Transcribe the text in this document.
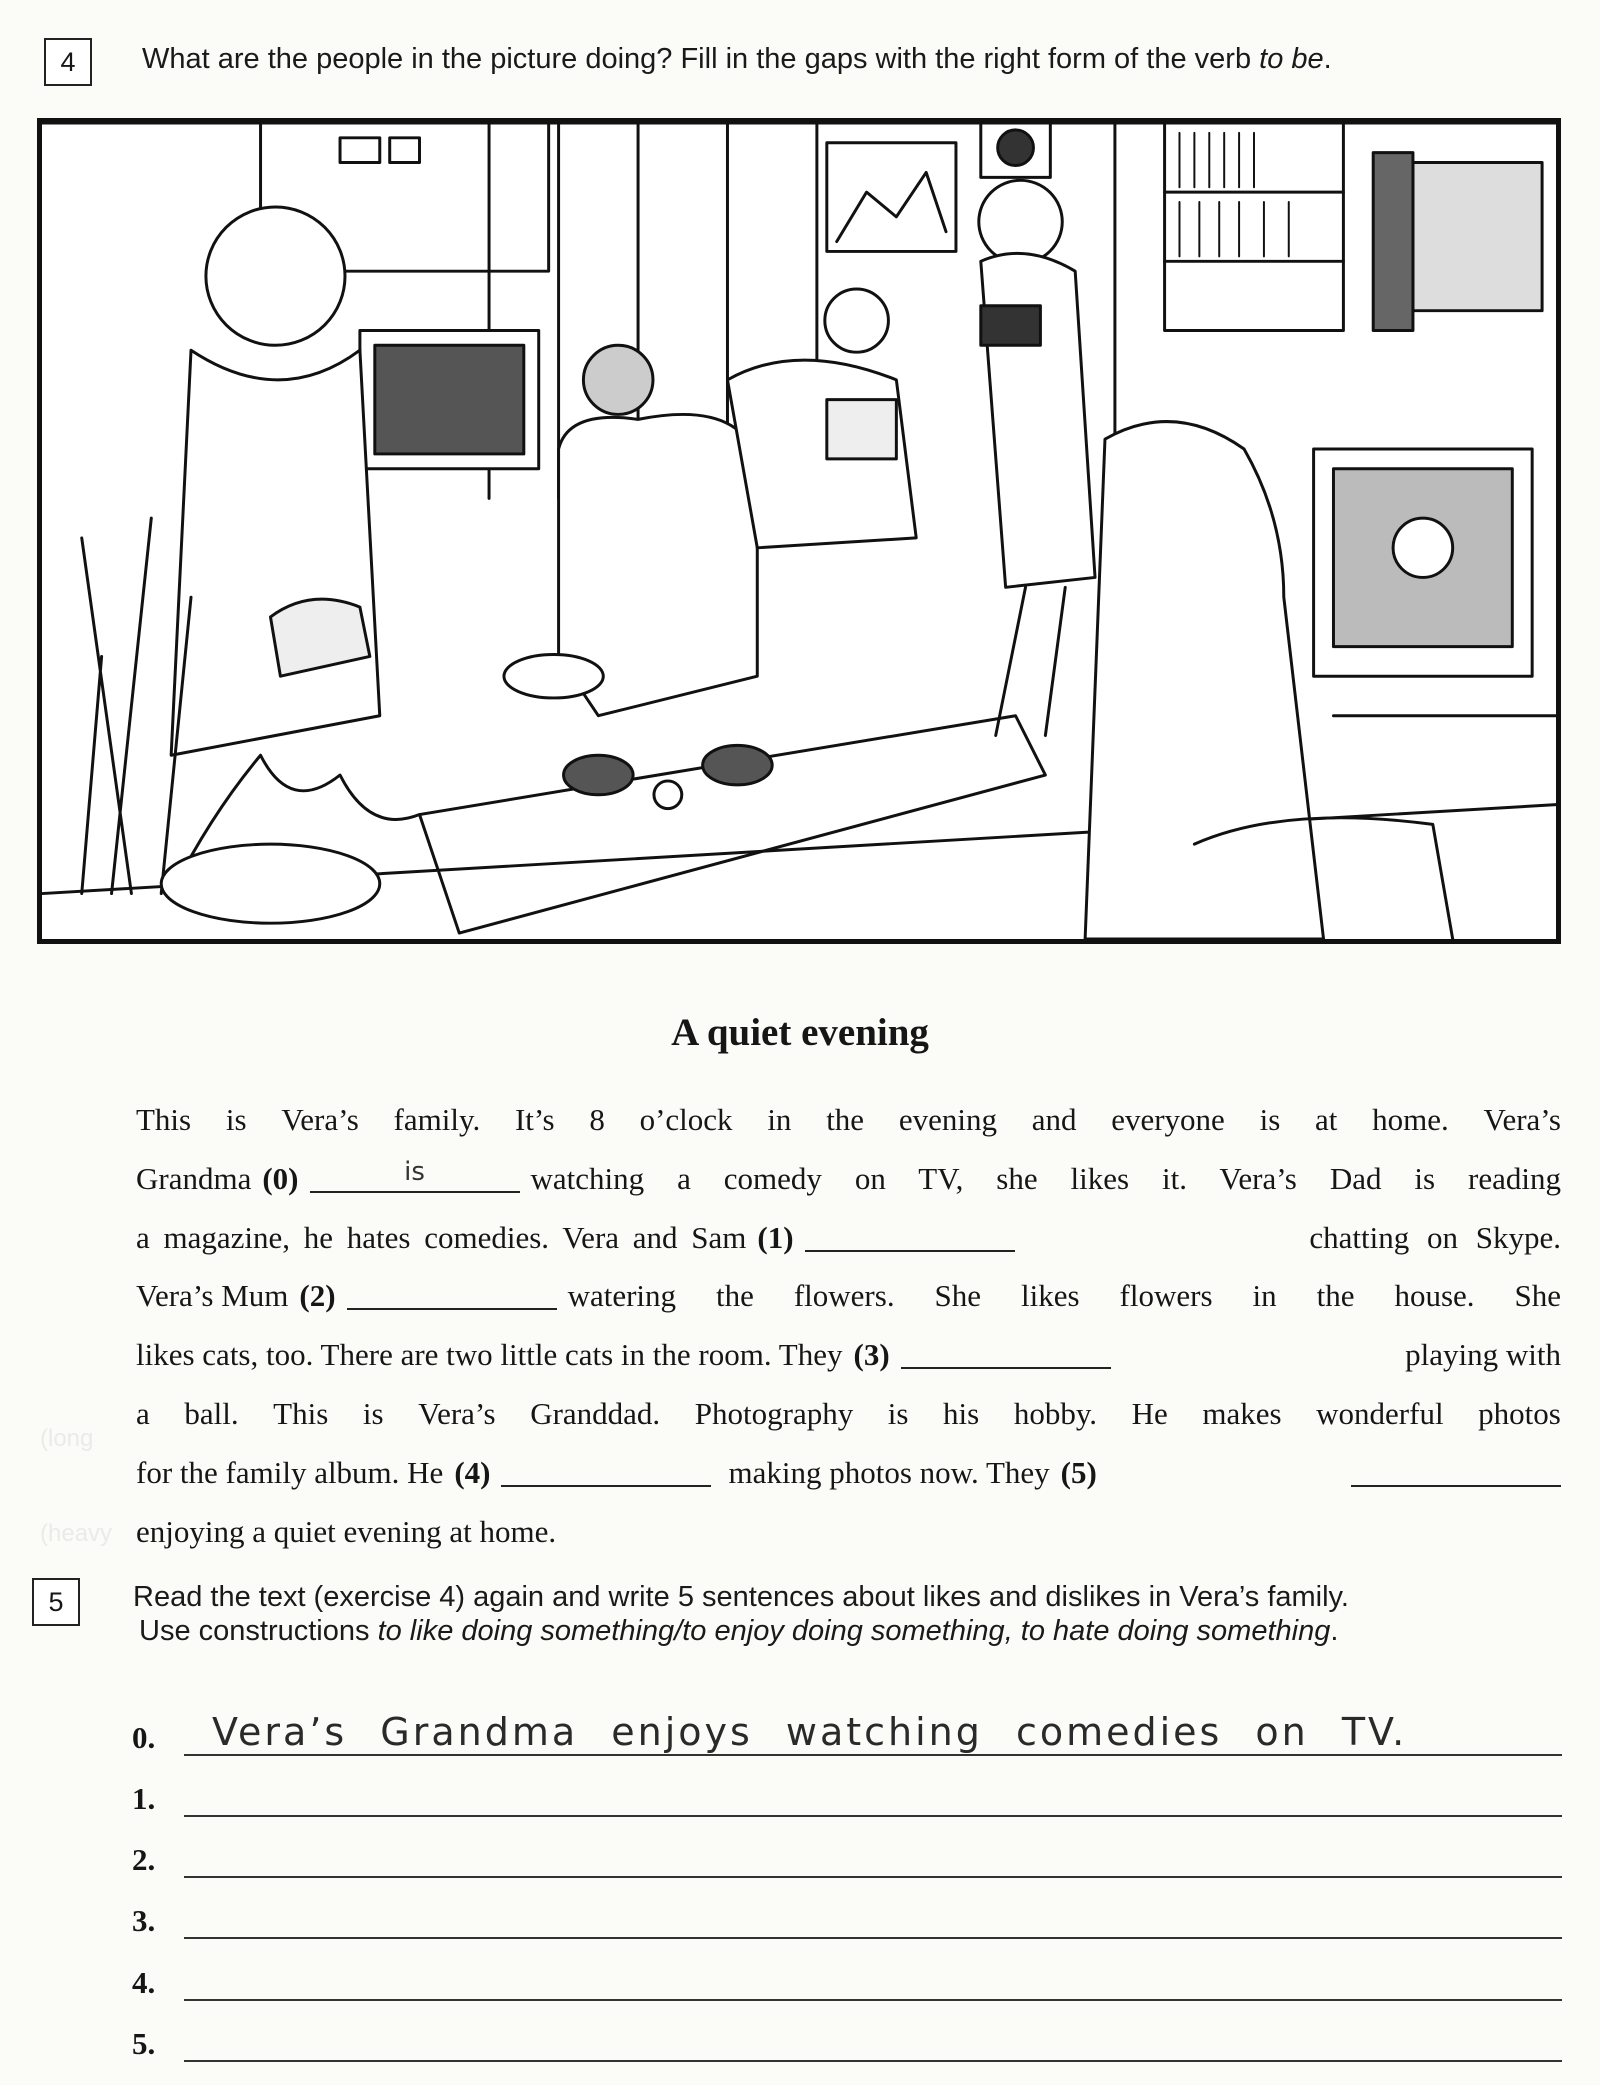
4 What are the people in the picture doing? Fill in the gaps with the right form of the verb to be.
(long
(heavy
A quiet evening
This is Vera’s family. It’s 8 o’clock in the evening and everyone is at home. Vera’s
Grandma (0)	is	watching a comedy on TV, she likes it. Vera’s Dad is reading
a magazine, he hates comedies. Vera and Sam (1)	chatting on Skype.
Vera’s Mum (2)	watering the flowers. She likes flowers in the house. She
likes cats, too. There are two little cats in the room. They (3)	playing with
a ball. This is Vera’s Granddad. Photography is his hobby. He makes wonderful photos
for the family album. He (4)	making photos now. They (5)
enjoying a quiet evening at home.
5 Read the text (exercise 4) again and write 5 sentences about likes and dislikes in Vera’s family.
Use constructions to like doing something/to enjoy doing something, to hate doing something.
0. Vera’s Grandma enjoys watching comedies on TV.
1.
2.
3.
4.
5.
